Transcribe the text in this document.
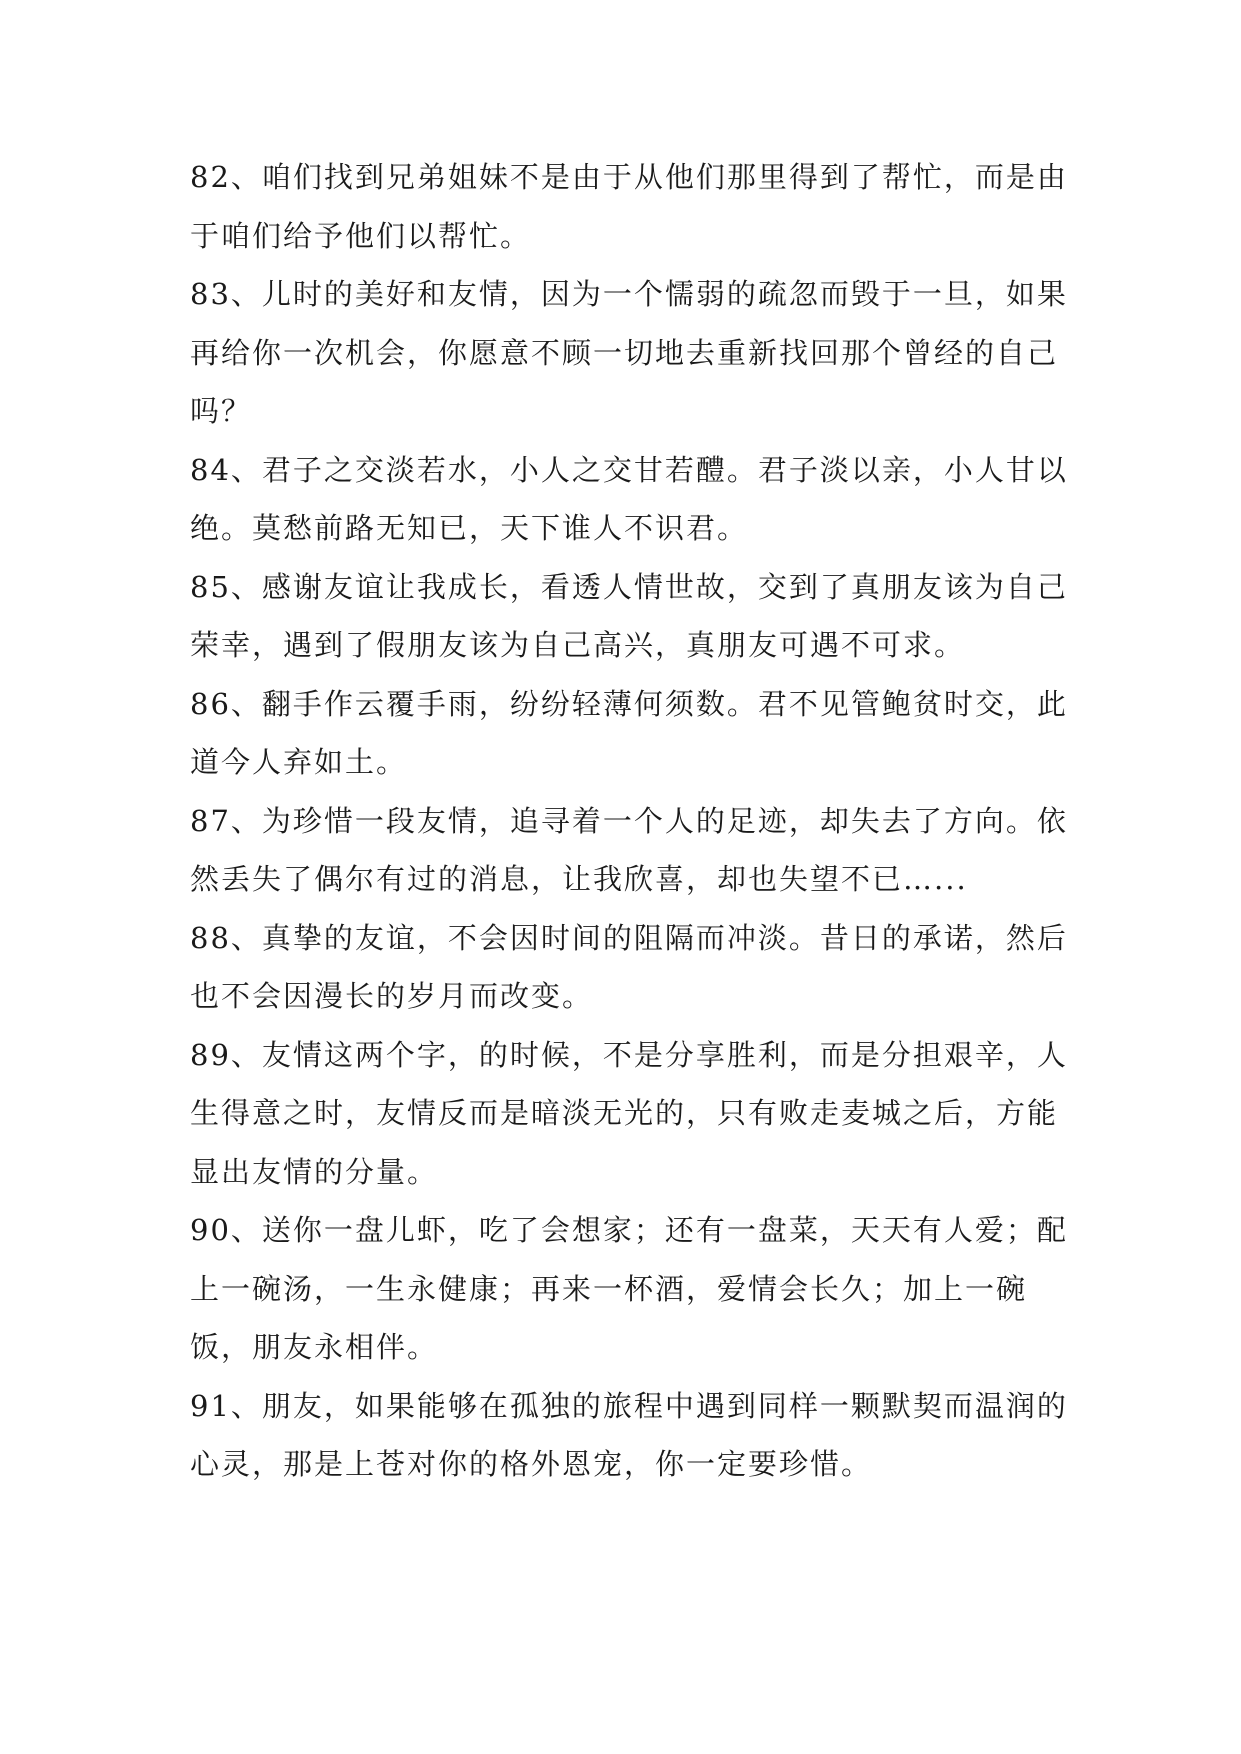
82、咱们找到兄弟姐妹不是由于从他们那里得到了帮忙，而是由于咱们给予他们以帮忙。

83、儿时的美好和友情，因为一个懦弱的疏忽而毁于一旦，如果再给你一次机会，你愿意不顾一切地去重新找回那个曾经的自己吗？

84、君子之交淡若水，小人之交甘若醴。君子淡以亲，小人甘以绝。莫愁前路无知已，天下谁人不识君。

85、感谢友谊让我成长，看透人情世故，交到了真朋友该为自己荣幸，遇到了假朋友该为自己高兴，真朋友可遇不可求。

86、翻手作云覆手雨，纷纷轻薄何须数。君不见管鲍贫时交，此道今人弃如土。

87、为珍惜一段友情，追寻着一个人的足迹，却失去了方向。依然丢失了偶尔有过的消息，让我欣喜，却也失望不已…...

88、真挚的友谊，不会因时间的阻隔而冲淡。昔日的承诺，然后也不会因漫长的岁月而改变。

89、友情这两个字，的时候，不是分享胜利，而是分担艰辛，人生得意之时，友情反而是暗淡无光的，只有败走麦城之后，方能显出友情的分量。

90、送你一盘儿虾，吃了会想家；还有一盘菜，天天有人爱；配上一碗汤，一生永健康；再来一杯酒，爱情会长久；加上一碗饭，朋友永相伴。

91、朋友，如果能够在孤独的旅程中遇到同样一颗默契而温润的心灵，那是上苍对你的格外恩宠，你一定要珍惜。
